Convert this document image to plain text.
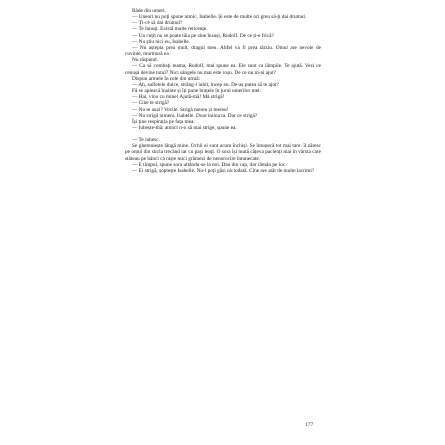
Râde din umeri.

— Uneori nu poți spune nimic, Isabelle. Și este de multe ori greu să-ți dai drumul.

— Ți-ce să dai drumul?

— Te înnuți. Există multe reticențe.

— Un cuțit nu se poate tăia pe sine însuși, Rudolf. De ce ți-e frică?

— Nu știu nici eu, Isabelle.

— Nu aștepta prea mult, dragul meu. Altfel va fi prea târziu. Omul are nevoie de cuvinte, murmură ea.

Nu răspund.

— Ca să combați teama, Rudolf, mai spune ea. Ele sunt ca lămpile. Te ajută. Vezi ce cenușă devine totul? Nici sângele nu mai este roșu. De ce nu m-ai ajut?

Dispun armele în cele din urmă:

— Ah, sufletele dulce, strâng-l iubit, încep eu. De-aș putea să te ajut?

Fă se apleacă înainte și îți pune brațele în jurul umerilor mei:

— Hai, vino cu mine! Ajută-mă! Mă strigă!

— Cine te strigă?

— Nu te auzi? Vocile. Strigă mereu și mereu!

— Nu strigă nimeni, Isabelle. Doar inima ta. Dar ce strigă?

Își ține respirația pe fața mea.

— Iubește-mă; atunci n-o să mai strige, spune ea.

— Te iubesc.

Se ghemuiește lângă mine. Ochii ei sunt acum închiși. Se întunecă tot mai tare: îl zăresc pe omul din sticla trecând iar cu pași lenți. O sora își mută cățeva pacienți mai în vârsta care stăteau pe bănci ca niște mici grămezi de nenorocire întunecate.

— E timpul, spune sora ultându-se la noi. Dau din cap, dar rămân pe loc.

— Ei strigă, șoptește Isabelle. Nu-l poți găsi niciodată. Cine are atât de multe lacrimi?

177
